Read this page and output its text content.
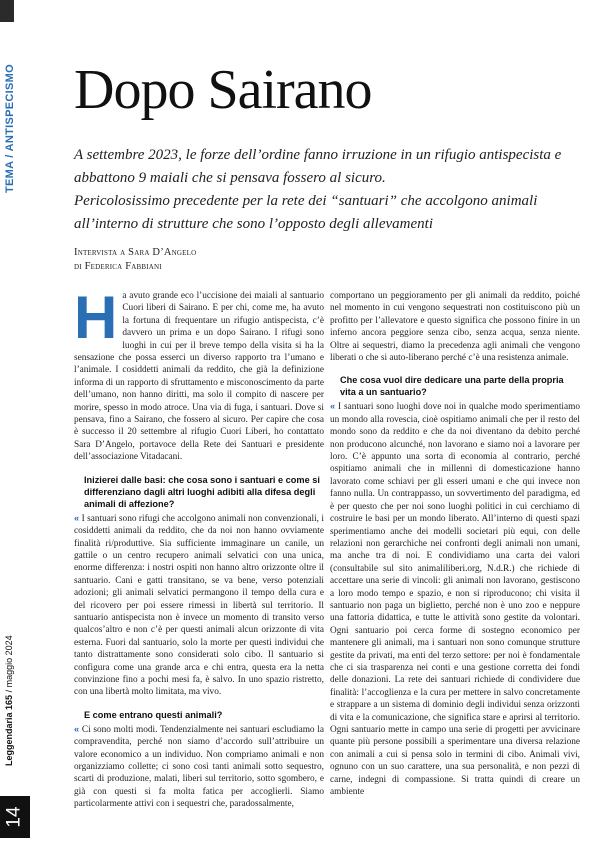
TEMA / ANTISPECISMO
Leggendaria 165 / maggio 2024
14
Dopo Sairano

A settembre 2023, le forze dell’ordine fanno irruzione in un rifugio antispecista e abbattono 9 maiali che si pensava fossero al sicuro.

Pericolosissimo precedente per la rete dei “santuari” che accolgono animali all’interno di strutture che sono l’opposto degli allevamenti

Intervista a Sara D’Angelo
di Federica Fabbiani

Ha avuto grande eco l’uccisione dei maiali al santuario Cuori liberi di Sairano. E per chi, come me, ha avuto la fortuna di frequentare un rifugio antispecista, c’è davvero un prima e un dopo Sairano. I rifugi sono luoghi in cui per il breve tempo della visita si ha la sensazione che possa esserci un diverso rapporto tra l’umano e l’animale. I cosiddetti animali da reddito, che già la definizione informa di un rapporto di sfruttamento e misconoscimento da parte dell’umano, non hanno diritti, ma solo il compito di nascere per morire, spesso in modo atroce. Una via di fuga, i santuari. Dove si pensava, fino a Sairano, che fossero al sicuro. Per capire che cosa è successo il 20 settembre al rifugio Cuori Liberi, ho contattato Sara D’Angelo, portavoce della Rete dei Santuari e presidente dell’associazione Vitadacani.

Inizierei dalle basi: che cosa sono i santuari e come si differenziano dagli altri luoghi adibiti alla difesa degli animali di affezione?

« I santuari sono rifugi che accolgono animali non convenzionali, i cosiddetti animali da reddito, che da noi non hanno ovviamente finalità ri/produttive. Sia sufficiente immaginare un canile, un gattile o un centro recupero animali selvatici con una unica, enorme differenza: i nostri ospiti non hanno altro orizzonte oltre il santuario. Cani e gatti transitano, se va bene, verso potenziali adozioni; gli animali selvatici permangono il tempo della cura e del ricovero per poi essere rimessi in libertà sul territorio. Il santuario antispecista non è invece un momento di transito verso qualcos’altro e non c’è per questi animali alcun orizzonte di vita esterna. Fuori dal santuario, solo la morte per questi individui che tanto distrattamente sono considerati solo cibo. Il santuario si configura come una grande arca e chi entra, questa era la netta convinzione fino a pochi mesi fa, è salvo. In uno spazio ristretto, con una libertà molto limitata, ma vivo.

E come entrano questi animali?

« Ci sono molti modi. Tendenzialmente nei santuari escludiamo la compravendita, perché non siamo d’accordo sull’attribuire un valore economico a un individuo. Non compriamo animali e non organizziamo collette; ci sono così tanti animali sotto sequestro, scarti di produzione, malati, liberi sul territorio, sotto sgombero, e già con questi si fa molta fatica per accoglierli. Siamo particolarmente attivi con i sequestri che, paradossalmente,

comportano un peggioramento per gli animali da reddito, poiché nel momento in cui vengono sequestrati non costituiscono più un profitto per l’allevatore e questo significa che possono finire in un inferno ancora peggiore senza cibo, senza acqua, senza niente. Oltre ai sequestri, diamo la precedenza agli animali che vengono liberati o che si auto-liberano perché c’è una resistenza animale.

Che cosa vuol dire dedicare una parte della propria vita a un santuario?

« I santuari sono luoghi dove noi in qualche modo sperimentiamo un mondo alla rovescia, cioè ospitiamo animali che per il resto del mondo sono da reddito e che da noi diventano da debito perché non producono alcunché, non lavorano e siamo noi a lavorare per loro. C’è appunto una sorta di economia al contrario, perché ospitiamo animali che in millenni di domesticazione hanno lavorato come schiavi per gli esseri umani e che qui invece non fanno nulla. Un contrappasso, un sovvertimento del paradigma, ed è per questo che per noi sono luoghi politici in cui cerchiamo di costruire le basi per un mondo liberato. All’interno di questi spazi sperimentiamo anche dei modelli societari più equi, con delle relazioni non gerarchiche nei confronti degli animali non umani, ma anche tra di noi. E condividiamo una carta dei valori (consultabile sul sito animaliliberi.org, N.d.R.) che richiede di accettare una serie di vincoli: gli animali non lavorano, gestiscono a loro modo tempo e spazio, e non si riproducono; chi visita il santuario non paga un biglietto, perché non è uno zoo e neppure una fattoria didattica, e tutte le attività sono gestite da volontari. Ogni santuario poi cerca forme di sostegno economico per mantenere gli animali, ma i santuari non sono comunque strutture gestite da privati, ma enti del terzo settore: per noi è fondamentale che ci sia trasparenza nei conti e una gestione corretta dei fondi delle donazioni. La rete dei santuari richiede di condividere due finalità: l’accoglienza e la cura per mettere in salvo concretamente e strappare a un sistema di dominio degli individui senza orizzonti di vita e la comunicazione, che significa stare e aprirsi al territorio. Ogni santuario mette in campo una serie di progetti per avvicinare quante più persone possibili a sperimentare una diversa relazione con animali a cui si pensa solo in termini di cibo. Animali vivi, ognuno con un suo carattere, una sua personalità, e non pezzi di carne, indegni di compassione. Si tratta quindi di creare un ambiente
